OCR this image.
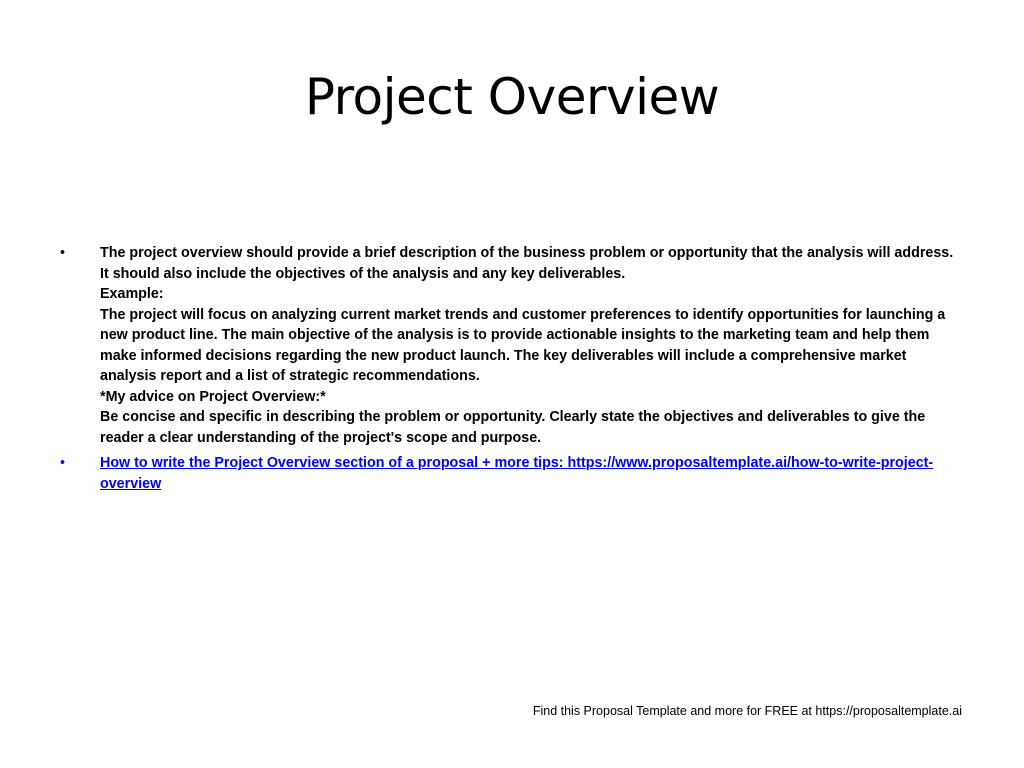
Project Overview
• The project overview should provide a brief description of the business problem or opportunity that the analysis will address. It should also include the objectives of the analysis and any key deliverables.
Example:
The project will focus on analyzing current market trends and customer preferences to identify opportunities for launching a new product line. The main objective of the analysis is to provide actionable insights to the marketing team and help them make informed decisions regarding the new product launch. The key deliverables will include a comprehensive market analysis report and a list of strategic recommendations.
*My advice on Project Overview:*
Be concise and specific in describing the problem or opportunity. Clearly state the objectives and deliverables to give the reader a clear understanding of the project's scope and purpose.
• How to write the Project Overview section of a proposal + more tips: https://www.proposaltemplate.ai/how-to-write-project-overview
Find this Proposal Template and more for FREE at https://proposaltemplate.ai
